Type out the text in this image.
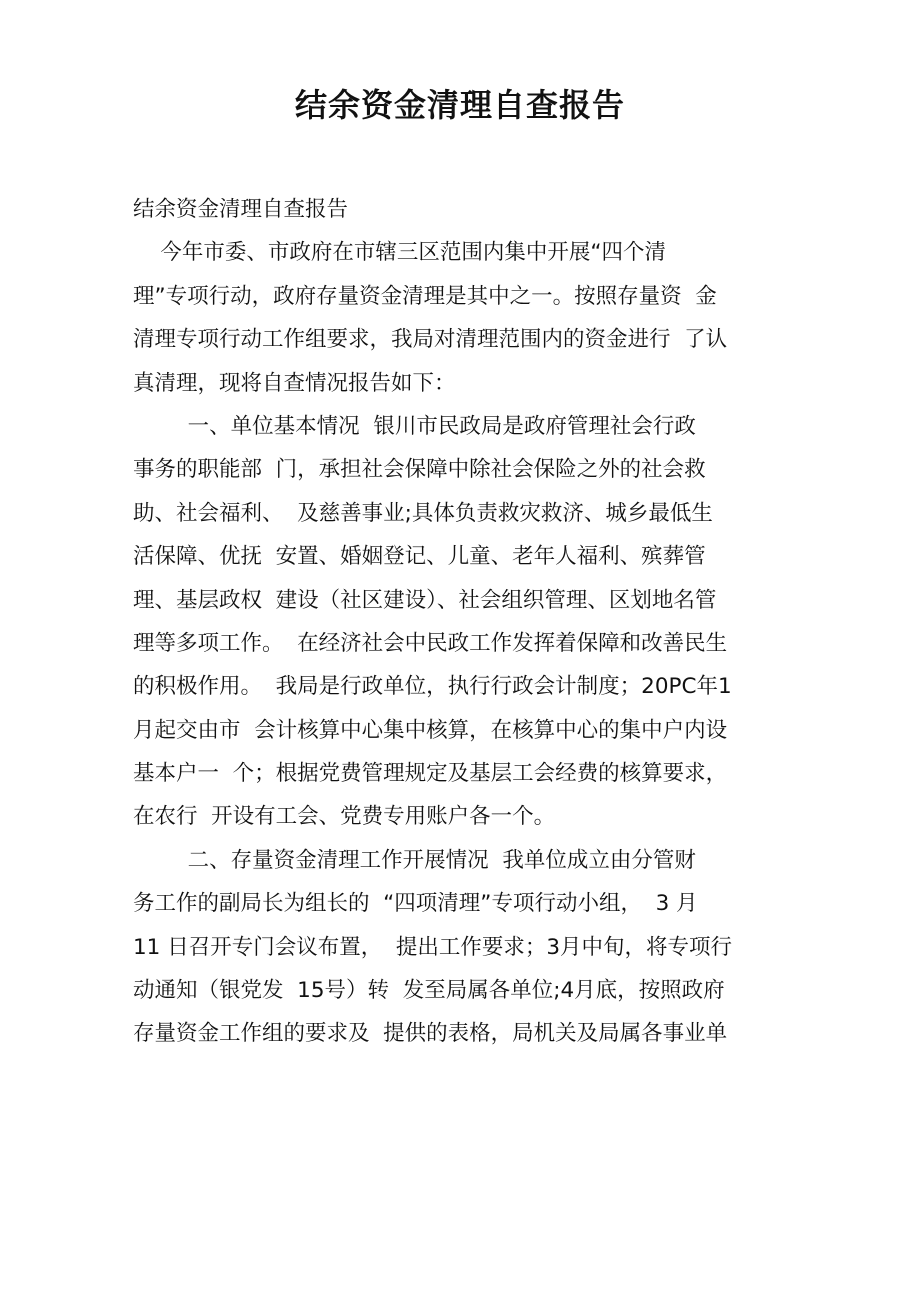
结余资金清理自查报告
结余资金清理自查报告
今年市委、市政府在市辖三区范围内集中开展“四个清
理”专项行动，政府存量资金清理是其中之一。按照存量资  金
清理专项行动工作组要求，我局对清理范围内的资金进行  了认
真清理，现将自查情况报告如下：
一、单位基本情况  银川市民政局是政府管理社会行政
事务的职能部  门，承担社会保障中除社会保险之外的社会救
助、社会福利、  及慈善事业;具体负责救灾救济、城乡最低生
活保障、优抚  安置、婚姻登记、儿童、老年人福利、殡葬管
理、基层政权  建设（社区建设）、社会组织管理、区划地名管
理等多项工作。  在经济社会中民政工作发挥着保障和改善民生
的积极作用。  我局是行政单位，执行行政会计制度；20PC年1
月起交由市  会计核算中心集中核算，在核算中心的集中户内设
基本户一  个；根据党费管理规定及基层工会经费的核算要求，
在农行  开设有工会、党费专用账户各一个。
二、存量资金清理工作开展情况  我单位成立由分管财
务工作的副局长为组长的  “四项清理”专项行动小组，  3 月
11 日召开专门会议布置，  提出工作要求；3月中旬，将专项行
动通知（银党发  15号）转  发至局属各单位;4月底，按照政府
存量资金工作组的要求及  提供的表格，局机关及局属各事业单
